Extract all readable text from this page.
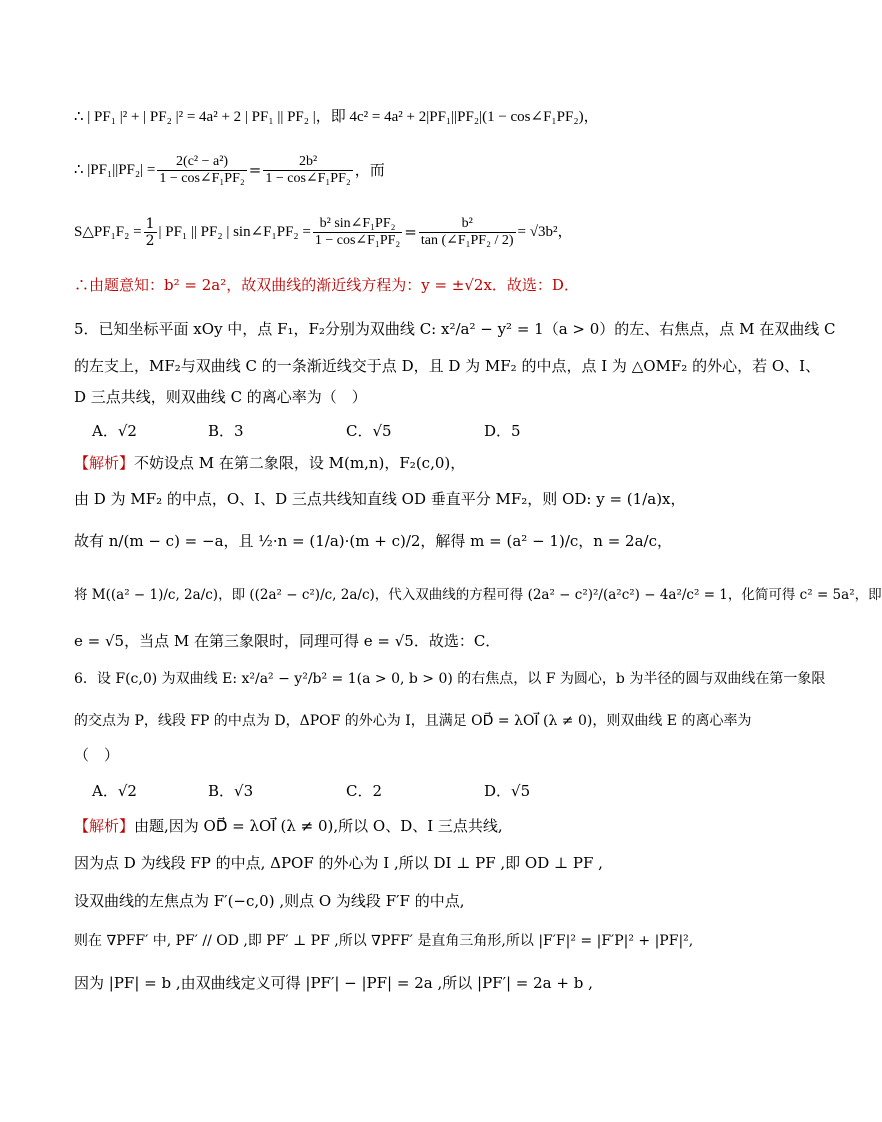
∴ | PF₁ |² + | PF₂ |² = 4a² + 2 | PF₁ || PF₂ |，即 4c² = 4a² + 2|PF₁||PF₂|(1 − cos∠F₁PF₂)，
∴ $|PF_1||PF_2| = \frac{\text{2(c² − a²)}}{\text{1 − cos∠F₁PF₂}} = \frac{\text{2b²}}{\text{1 − cos∠F₁PF₂}}$ ，而
S△PF₁F₂ = $\frac{1}{2}$ | PF₁ || PF₂ | sin∠F₁PF₂ = $\frac{\text{b² sin∠F₁PF₂}}{\text{1 − cos∠F₁PF₂}} = \frac{\text{b²}}{\text{tan (∠F₁PF₂ / 2)}} = √3b^2$，
∴由题意知：b² = 2a²，故双曲线的渐近线方程为：y = ±√2x．故选：D．
5．已知坐标平面 xOy 中，点 F₁，F₂分别为双曲线 C: x²/a² − y² = 1（a > 0）的左、右焦点，点 M 在双曲线 C
的左支上，MF₂与双曲线 C 的一条渐近线交于点 D，且 D 为 MF₂ 的中点，点 I 为 △OMF₂ 的外心，若 O、I、
D 三点共线，则双曲线 C 的离心率为（　）
A．√2	B．3	C．√5	D．5
【解析】不妨设点 M 在第二象限，设 M(m,n)，F₂(c,0)，
由 D 为 MF₂ 的中点，O、I、D 三点共线知直线 OD 垂直平分 MF₂，则 OD: y = (1/a)x，
故有 n/(m − c) = −a，且 ½·n = (1/a)·(m + c)/2，解得 m = (a² − 1)/c，n = 2a/c，
将 M((a² − 1)/c, 2a/c)，即 ((2a² − c²)/c, 2a/c)，代入双曲线的方程可得 (2a² − c²)²/(a²c²) − 4a²/c² = 1，化简可得 c² = 5a²，即
e = √5，当点 M 在第三象限时，同理可得 e = √5．故选：C．
6．设 F(c,0) 为双曲线 E: x²/a² − y²/b² = 1(a > 0, b > 0) 的右焦点，以 F 为圆心，b 为半径的圆与双曲线在第一象限
的交点为 P，线段 FP 的中点为 D，ΔPOF 的外心为 I，且满足 OD⃗ = λOI⃗ (λ ≠ 0)，则双曲线 E 的离心率为
（　）
A．√2	B．√3	C．2	D．√5
【解析】由题,因为 OD⃗ = λOI⃗ (λ ≠ 0),所以 O、D、I 三点共线,
因为点 D 为线段 FP 的中点, ΔPOF 的外心为 I ,所以 DI ⊥ PF ,即 OD ⊥ PF ,
设双曲线的左焦点为 F′(−c,0) ,则点 O 为线段 F′F 的中点,
则在 ∇PFF′ 中, PF′ // OD ,即 PF′ ⊥ PF ,所以 ∇PFF′ 是直角三角形,所以 |F′F|² = |F′P|² + |PF|²,
因为 |PF| = b ,由双曲线定义可得 |PF′| − |PF| = 2a ,所以 |PF′| = 2a + b ,
